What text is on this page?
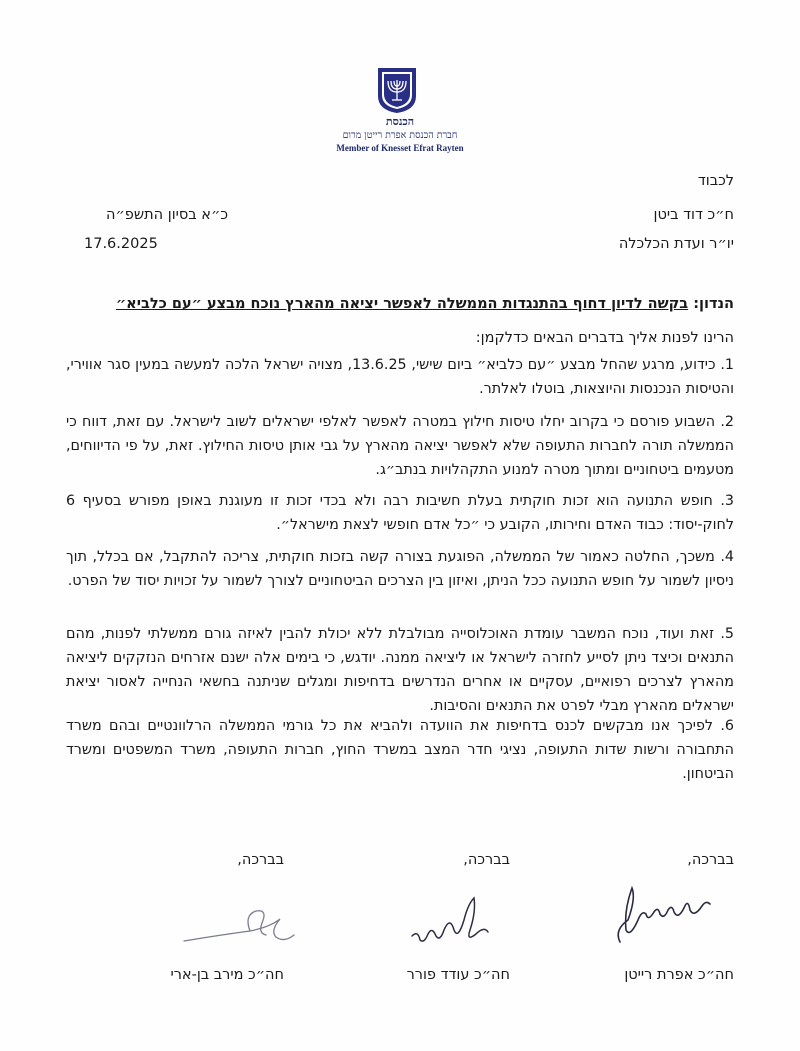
הכנסת
חברת הכנסת אפרת רייטן מרום
Member of Knesset Efrat Rayten
לכבוד
ח״כ דוד ביטן
יו״ר ועדת הכלכלה
כ״א בסיון התשפ״ה
17.6.2025
הנדון: בקשה לדיון דחוף בהתנגדות הממשלה לאפשר יציאה מהארץ נוכח מבצע ״עם כלביא״
הרינו לפנות אליך בדברים הבאים כדלקמן:
1. כידוע, מרגע שהחל מבצע ״עם כלביא״ ביום שישי, 13.6.25, מצויה ישראל הלכה למעשה במעין סגר אווירי, והטיסות הנכנסות והיוצאות, בוטלו לאלתר.
2. השבוע פורסם כי בקרוב יחלו טיסות חילוץ במטרה לאפשר לאלפי ישראלים לשוב לישראל. עם זאת, דווח כי הממשלה תורה לחברות התעופה שלא לאפשר יציאה מהארץ על גבי אותן טיסות החילוץ. זאת, על פי הדיווחים, מטעמים ביטחוניים ומתוך מטרה למנוע התקהלויות בנתב״ג.
3. חופש התנועה הוא זכות חוקתית בעלת חשיבות רבה ולא בכדי זכות זו מעוגנת באופן מפורש בסעיף 6 לחוק-יסוד: כבוד האדם וחירותו, הקובע כי ״כל אדם חופשי לצאת מישראל״.
4. משכך, החלטה כאמור של הממשלה, הפוגעת בצורה קשה בזכות חוקתית, צריכה להתקבל, אם בכלל, תוך ניסיון לשמור על חופש התנועה ככל הניתן, ואיזון בין הצרכים הביטחוניים לצורך לשמור על זכויות יסוד של הפרט.
5. זאת ועוד, נוכח המשבר עומדת האוכלוסייה מבולבלת ללא יכולת להבין לאיזה גורם ממשלתי לפנות, מהם התנאים וכיצד ניתן לסייע לחזרה לישראל או ליציאה ממנה. יודגש, כי בימים אלה ישנם אזרחים הנזקקים ליציאה מהארץ לצרכים רפואיים, עסקיים או אחרים הנדרשים בדחיפות ומגלים שניתנה בחשאי הנחייה לאסור יציאת ישראלים מהארץ מבלי לפרט את התנאים והסיבות.
6. לפיכך אנו מבקשים לכנס בדחיפות את הוועדה ולהביא את כל גורמי הממשלה הרלוונטיים ובהם משרד התחבורה ורשות שדות התעופה, נציגי חדר המצב במשרד החוץ, חברות התעופה, משרד המשפטים ומשרד הביטחון.
בברכה,
בברכה,
בברכה,
חה״כ אפרת רייטן
חה״כ עודד פורר
חה״כ מירב בן-ארי
